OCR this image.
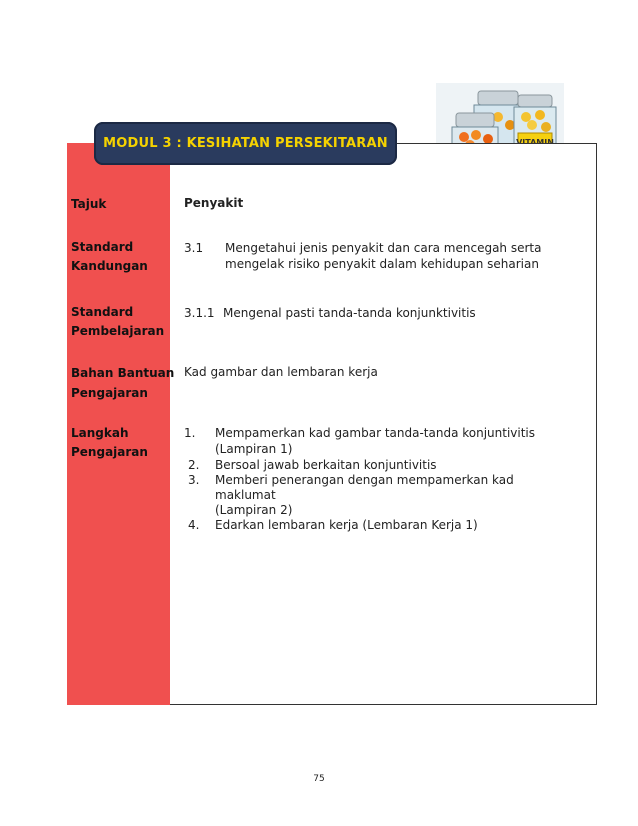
MODUL 3 : KESIHATAN PERSEKITARAN
Tajuk	Penyakit
Standard
Kandungan
3.1 Mengetahui jenis penyakit dan cara mencegah serta
mengelak risiko penyakit dalam kehidupan seharian
Standard
Pembelajaran
3.1.1 Mengenal pasti tanda-tanda konjunktivitis
Bahan Bantuan
Pengajaran
Kad gambar dan lembaran kerja
Langkah
Pengajaran
1. Mempamerkan kad gambar tanda-tanda konjuntivitis
(Lampiran 1)
2. Bersoal jawab berkaitan konjuntivitis
3. Memberi penerangan dengan mempamerkan kad
maklumat
(Lampiran 2)
4. Edarkan lembaran kerja (Lembaran Kerja 1)
75
